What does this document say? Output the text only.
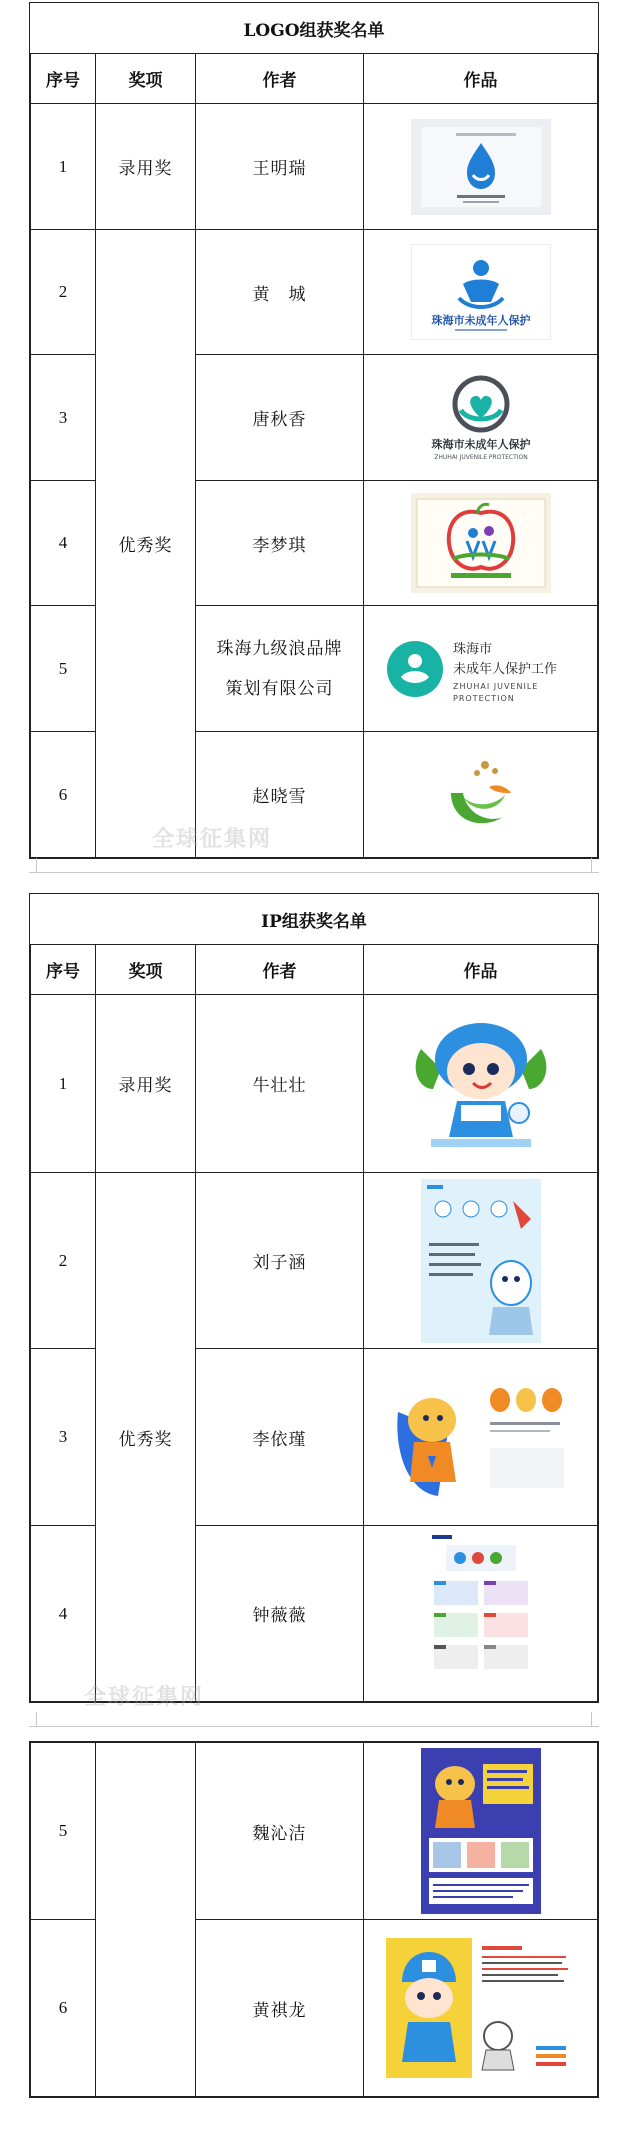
LOGO组获奖名单			
序号	奖项	作者	作品
1	录用奖	王明瑞	

2	优秀奖	黄　城	珠海市未成年人保护

3		唐秋香	珠海市未成年人保护
ZHUHAI JUVENILE PROTECTION

4		李梦琪	

5		珠海九级浪品牌
策划有限公司	珠海市
未成年人保护工作
ZHUHAI JUVENILE
PROTECTION

6		赵晓雪	
全球征集网
IP组获奖名单			
序号	奖项	作者	作品
1	录用奖	牛壮壮	

2	优秀奖	刘子涵	

3		李依瑾	

4		钟薇薇	
全球征集网
5		魏沁洁	

6		黄祺龙	
